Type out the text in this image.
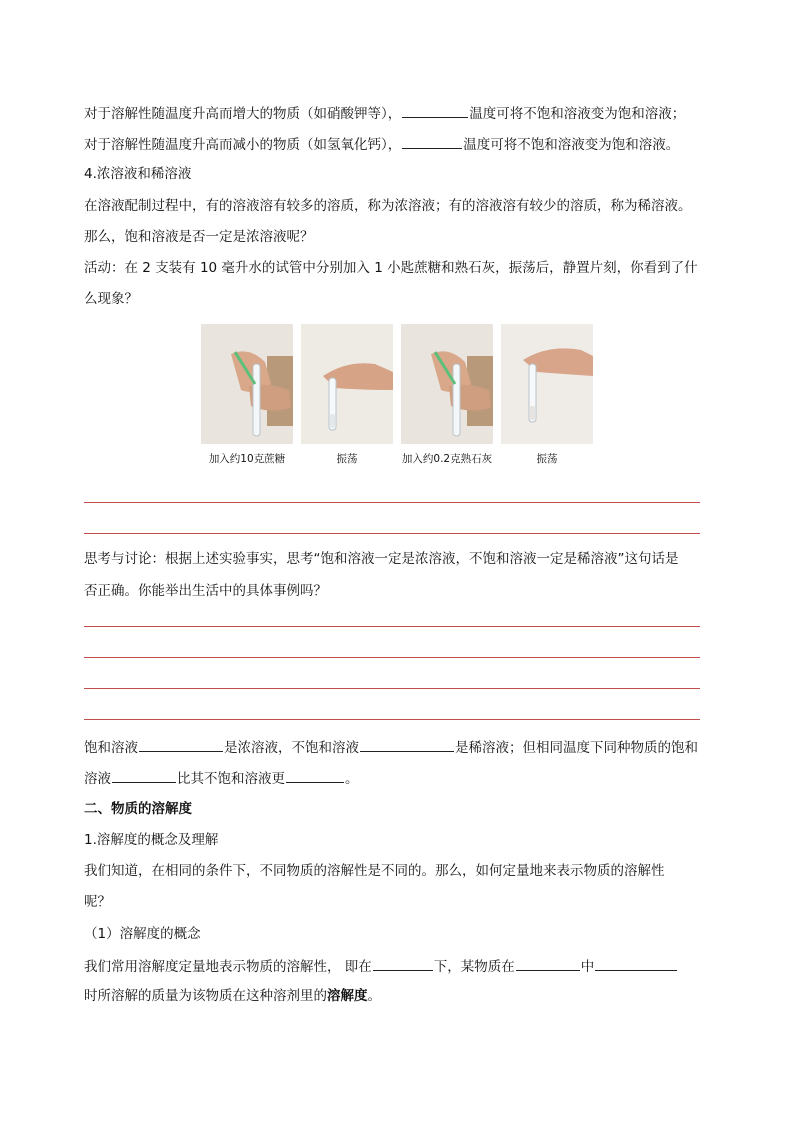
对于溶解性随温度升高而增大的物质（如硝酸钾等），	温度可将不饱和溶液变为饱和溶液；
对于溶解性随温度升高而减小的物质（如氢氧化钙），	温度可将不饱和溶液变为饱和溶液。
4.浓溶液和稀溶液
在溶液配制过程中，有的溶液溶有较多的溶质，称为浓溶液；有的溶液溶有较少的溶质，称为稀溶液。
那么，饱和溶液是否一定是浓溶液呢？
活动：在 2 支装有 10 毫升水的试管中分别加入 1 小匙蔗糖和熟石灰，振荡后，静置片刻，你看到了什
么现象？
加入约10克蔗糖	振荡	加入约0.2克熟石灰	振荡
思考与讨论：根据上述实验事实，思考“饱和溶液一定是浓溶液，不饱和溶液一定是稀溶液”这句话是
否正确。你能举出生活中的具体事例吗？
饱和溶液	是浓溶液，不饱和溶液	是稀溶液；但相同温度下同种物质的饱和
溶液	比其不饱和溶液更	。
二、物质的溶解度
1.溶解度的概念及理解
我们知道，在相同的条件下，不同物质的溶解性是不同的。那么，如何定量地来表示物质的溶解性
呢？
（1）溶解度的概念
我们常用溶解度定量地表示物质的溶解性， 即在	下，某物质在	中
时所溶解的质量为该物质在这种溶剂里的溶解度。
